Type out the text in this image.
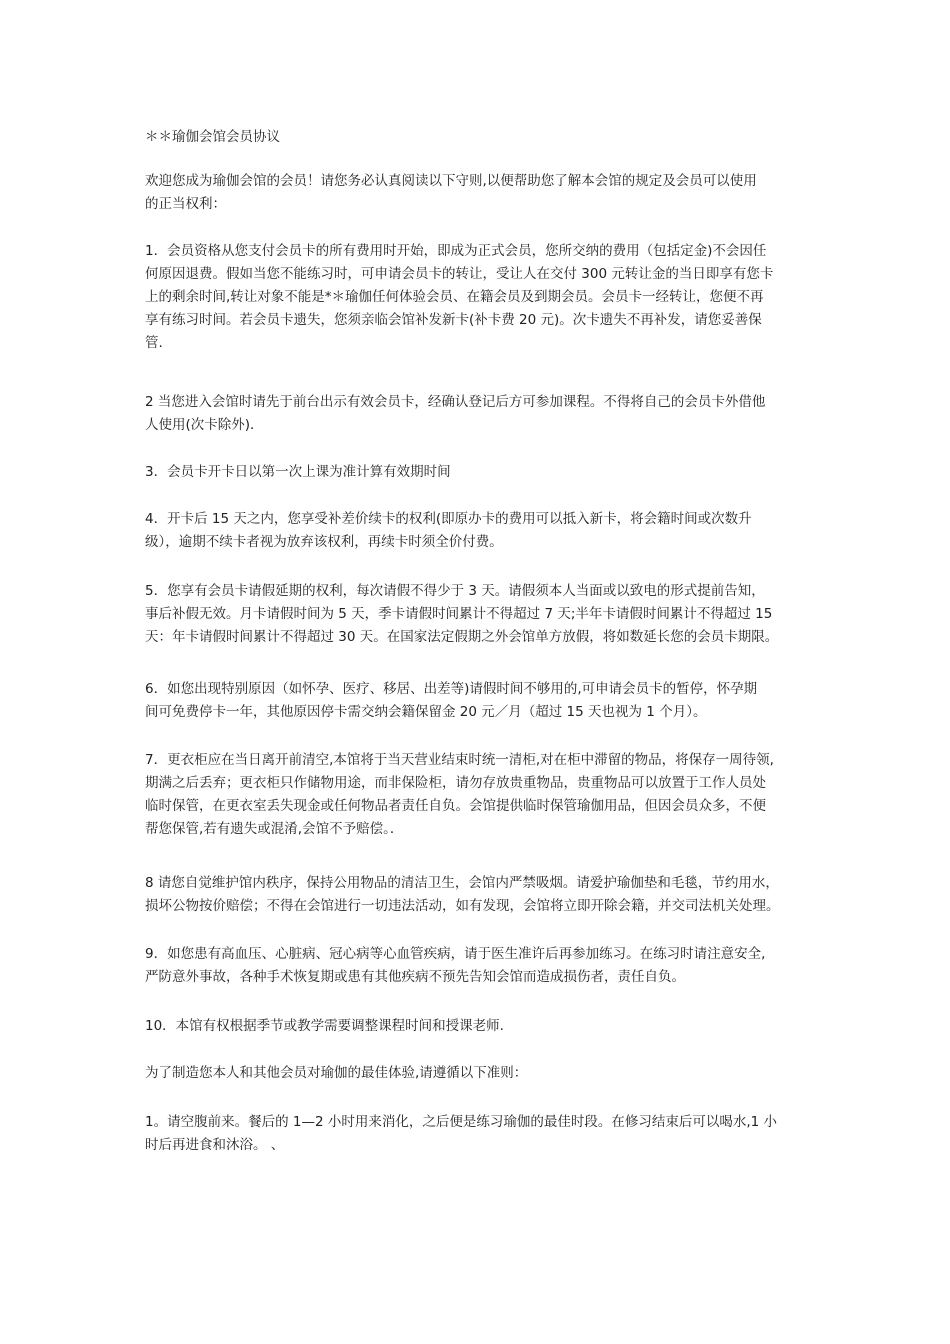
＊＊瑜伽会馆会员协议
欢迎您成为瑜伽会馆的会员！请您务必认真阅读以下守则,以便帮助您了解本会馆的规定及会员可以使用
的正当权利：
1．会员资格从您支付会员卡的所有费用时开始，即成为正式会员，您所交纳的费用（包括定金)不会因任
何原因退费。假如当您不能练习时，可申请会员卡的转让，受让人在交付 300 元转让金的当日即享有您卡
上的剩余时间,转让对象不能是*＊瑜伽任何体验会员、在籍会员及到期会员。会员卡一经转让，您便不再
享有练习时间。若会员卡遗失，您须亲临会馆补发新卡(补卡费 20 元)。次卡遗失不再补发，请您妥善保
管.
2 当您进入会馆时请先于前台出示有效会员卡，经确认登记后方可参加课程。不得将自己的会员卡外借他
人使用(次卡除外)．
3．会员卡开卡日以第一次上课为准计算有效期时间
4．开卡后 15 天之内，您享受补差价续卡的权利(即原办卡的费用可以抵入新卡，将会籍时间或次数升
级），逾期不续卡者视为放弃该权利，再续卡时须全价付费。
5．您享有会员卡请假延期的权利，每次请假不得少于 3 天。请假须本人当面或以致电的形式提前告知，
事后补假无效。月卡请假时间为 5 天，季卡请假时间累计不得超过 7 天;半年卡请假时间累计不得超过 15
天：年卡请假时间累计不得超过 30 天。在国家法定假期之外会馆单方放假，将如数延长您的会员卡期限。
6．如您出现特别原因（如怀孕、医疗、移居、出差等)请假时间不够用的,可申请会员卡的暂停，怀孕期
间可免费停卡一年，其他原因停卡需交纳会籍保留金 20 元／月（超过 15 天也视为 1 个月）。
7．更衣柜应在当日离开前清空,本馆将于当天营业结束时统一清柜,对在柜中滞留的物品，将保存一周待领,
期满之后丢弃；更衣柜只作储物用途，而非保险柜，请勿存放贵重物品，贵重物品可以放置于工作人员处
临时保管，在更衣室丢失现金或任何物品者责任自负。会馆提供临时保管瑜伽用品，但因会员众多，不便
帮您保管,若有遗失或混淆,会馆不予赔偿。．
8 请您自觉维护馆内秩序，保持公用物品的清洁卫生，会馆内严禁吸烟。请爱护瑜伽垫和毛毯，节约用水，
损坏公物按价赔偿；不得在会馆进行一切违法活动，如有发现，会馆将立即开除会籍，并交司法机关处理。
9．如您患有高血压、心脏病、冠心病等心血管疾病，请于医生准许后再参加练习。在练习时请注意安全,
严防意外事故，各种手术恢复期或患有其他疾病不预先告知会馆而造成损伤者，责任自负。
10．本馆有权根据季节或教学需要调整课程时间和授课老师.
为了制造您本人和其他会员对瑜伽的最佳体验,请遵循以下准则：
1。请空腹前来。餐后的 1—2 小时用来消化，之后便是练习瑜伽的最佳时段。在修习结束后可以喝水,1 小
时后再进食和沐浴。 、
